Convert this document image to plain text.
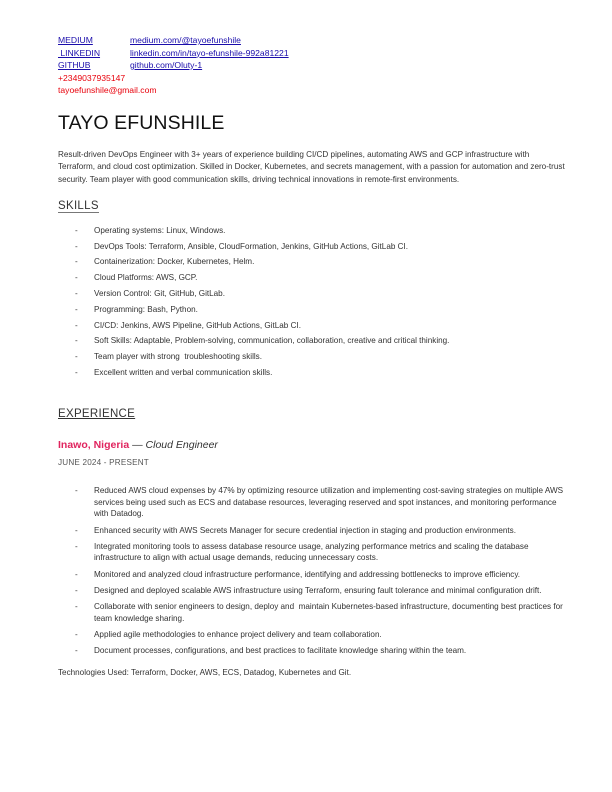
MEDIUM	medium.com/@tayoefunshile
LINKEDIN	linkedin.com/in/tayo-efunshile-992a81221
GITHUB	github.com/Oluty-1
+2349037935147
tayoefunshile@gmail.com
TAYO EFUNSHILE
Result-driven DevOps Engineer with 3+ years of experience building CI/CD pipelines, automating AWS and GCP infrastructure with Terraform, and cloud cost optimization. Skilled in Docker, Kubernetes, and secrets management, with a passion for automation and zero-trust security. Team player with good communication skills, driving technical innovations in remote-first environments.
SKILLS
- Operating systems: Linux, Windows.
- DevOps Tools: Terraform, Ansible, CloudFormation, Jenkins, GitHub Actions, GitLab CI.
- Containerization: Docker, Kubernetes, Helm.
- Cloud Platforms: AWS, GCP.
- Version Control: Git, GitHub, GitLab.
- Programming: Bash, Python.
- CI/CD: Jenkins, AWS Pipeline, GitHub Actions, GitLab CI.
- Soft Skills: Adaptable, Problem-solving, communication, collaboration, creative and critical thinking.
- Team player with strong  troubleshooting skills.
- Excellent written and verbal communication skills.
EXPERIENCE
Inawo, Nigeria — Cloud Engineer
JUNE 2024 - PRESENT
- Reduced AWS cloud expenses by 47% by optimizing resource utilization and implementing cost-saving strategies on multiple AWS services being used such as ECS and database resources, leveraging reserved and spot instances, and monitoring performance with Datadog.
- Enhanced security with AWS Secrets Manager for secure credential injection in staging and production environments.
- Integrated monitoring tools to assess database resource usage, analyzing performance metrics and scaling the database infrastructure to align with actual usage demands, reducing unnecessary costs.
- Monitored and analyzed cloud infrastructure performance, identifying and addressing bottlenecks to improve efficiency.
- Designed and deployed scalable AWS infrastructure using Terraform, ensuring fault tolerance and minimal configuration drift.
- Collaborate with senior engineers to design, deploy and  maintain Kubernetes-based infrastructure, documenting best practices for team knowledge sharing.
- Applied agile methodologies to enhance project delivery and team collaboration.
- Document processes, configurations, and best practices to facilitate knowledge sharing within the team.
Technologies Used: Terraform, Docker, AWS, ECS, Datadog, Kubernetes and Git.
